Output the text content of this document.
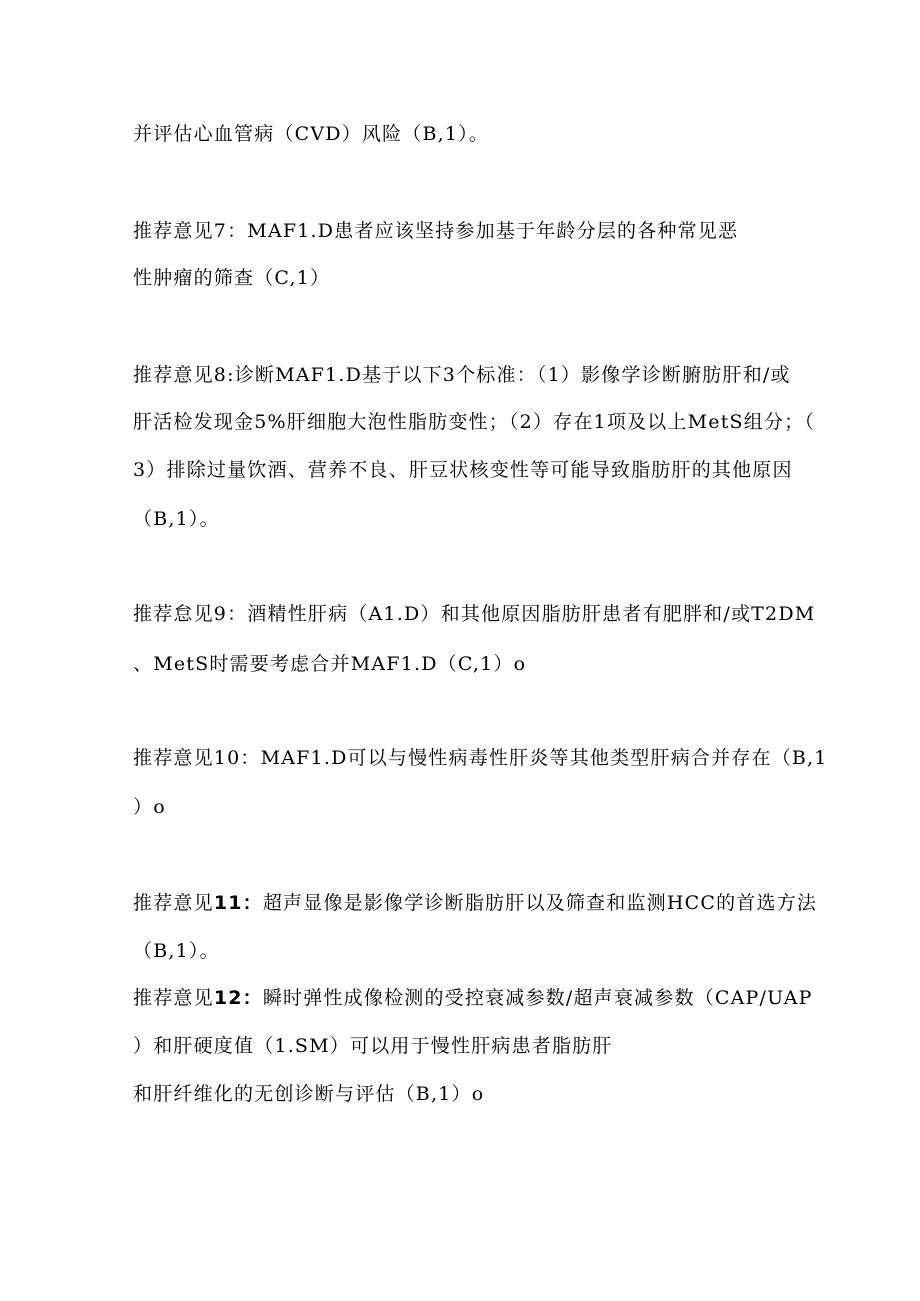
并评估心血管病（CVD）风险（B,1）。
推荐意见7：MAF1.D患者应该坚持参加基于年龄分层的各种常见恶
性肿瘤的筛查（C,1）
推荐意见8:诊断MAF1.D基于以下3个标准：（1）影像学诊断腑肪肝和/或
肝活检发现金5%肝细胞大泡性脂肪变性；（2）存在1项及以上MetS组分；（
3）排除过量饮酒、营养不良、肝豆状核变性等可能导致脂肪肝的其他原因
（B,1）。
推荐怠见9：酒精性肝病（A1.D）和其他原因脂肪肝患者有肥胖和/或T2DM
、MetS时需要考虑合并MAF1.D（C,1）o
推荐意见10：MAF1.D可以与慢性病毒性肝炎等其他类型肝病合并存在（B,1
）o
推荐意见11：超声显像是影像学诊断脂肪肝以及筛查和监测HCC的首选方法
（B,1）。
推荐意见12：瞬时弹性成像检测的受控衰减参数/超声衰减参数（CAP/UAP
）和肝硬度值（1.SM）可以用于慢性肝病患者脂肪肝
和肝纤维化的无创诊断与评估（B,1）o
